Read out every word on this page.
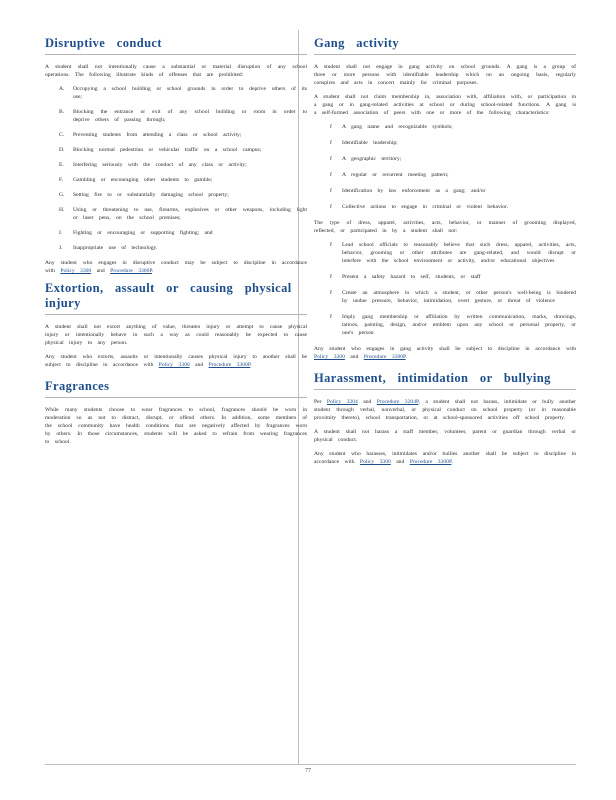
Disruptive conduct

A student shall not intentionally cause a substantial or material disruption of any school operations. The following illustrate kinds of offenses that are prohibited:

A. Occupying a school building or school grounds in order to deprive others of its use;
B. Blocking the entrance or exit of any school building or room in order to deprive others of passing through;
C. Preventing students from attending a class or school activity;
D. Blocking normal pedestrian or vehicular traffic on a school campus;
E. Interfering seriously with the conduct of any class or activity;
F. Gambling or encouraging other students to gamble;
G. Setting fire to or substantially damaging school property;
H. Using or threatening to use, firearms, explosives or other weapons, including light or laser pens, on the school premises;
I. Fighting or encouraging or supporting fighting; and
J. Inappropriate use of technology.

Any student who engages in disruptive conduct may be subject to discipline in accordance with Policy 3300 and Procedure 3300P.

Extortion, assault or causing physical injury

A student shall not extort anything of value, threaten injury or attempt to cause physical injury or intentionally behave in such a way as could reasonably be expected to cause physical injury to any person.

Any student who extorts, assaults or intentionally causes physical injury to another shall be subject to discipline in accordance with Policy 3300 and Procedure 3300P.

Fragrances

While many students choose to wear fragrances to school, fragrances should be worn in moderation so as not to distract, disrupt, or offend others. In addition, some members of the school community have health conditions that are negatively affected by fragrances worn by others. In those circumstances, students will be asked to refrain from wearing fragrances to school.

Gang activity

A student shall not engage in gang activity on school grounds. A gang is a group of three or more persons with identifiable leadership which on an ongoing basis, regularly conspires and acts in concert mainly for criminal purposes.

A student shall not claim membership in, association with, affiliation with, or participation in a gang or in gang-related activities at school or during school-related functions. A gang is a self-formed association of peers with one or more of the following characteristics:

f A gang name and recognizable symbols;
f Identifiable leadership;
f A geographic territory;
f A regular or recurrent meeting pattern;
f Identification by law enforcement as a gang; and/or
f Collective actions to engage in criminal or violent behavior.

The type of dress, apparel, activities, acts, behavior, or manner of grooming displayed, reflected, or participated in by a student shall not:

f Lead school officials to reasonably believe that such dress, apparel, activities, acts, behavior, grooming or other attributes are gang-related, and would disrupt or interfere with the school environment or activity, and/or educational objectives
f Present a safety hazard to self, students, or staff
f Create an atmosphere in which a student, or other person's well-being is hindered by undue pressure, behavior, intimidation, overt gesture, or threat of violence
f Imply gang membership or affiliation by written communication, marks, drawings, tattoos, painting, design, and/or emblem upon any school or personal property, or one's person

Any student who engages in gang activity shall be subject to discipline in accordance with Policy 3300 and Procedure 3300P.

Harassment, intimidation or bullying

Per Policy 3204 and Procedure 3204P, a student shall not harass, intimidate or bully another student through verbal, nonverbal, or physical conduct on school property (or in reasonable proximity thereto), school transportation, or at school-sponsored activities off school property.

A student shall not harass a staff member, volunteer, parent or guardian through verbal or physical conduct.

Any student who harasses, intimidates and/or bullies another shall be subject to discipline in accordance with Policy 3300 and Procedure 3300P.

77
